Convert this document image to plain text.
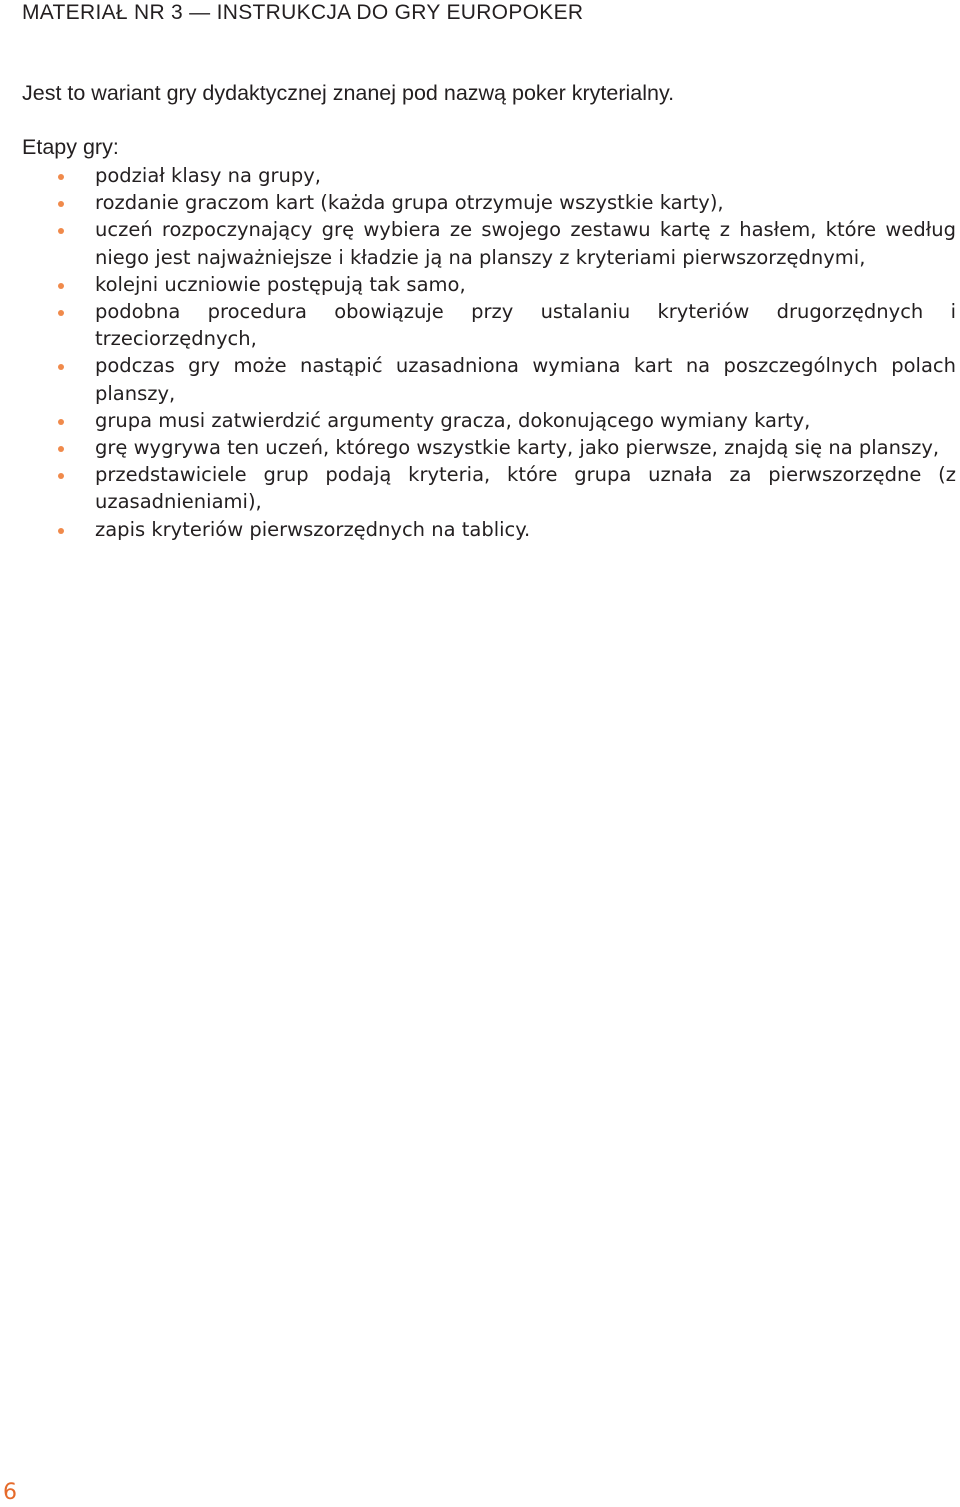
MATERIAŁ NR 3 — INSTRUKCJA DO GRY EUROPOKER
Jest to wariant gry dydaktycznej znanej pod nazwą poker kryterialny.
Etapy gry:
podział klasy na grupy,
rozdanie graczom kart (każda grupa otrzymuje wszystkie karty),
uczeń rozpoczynający grę wybiera ze swojego zestawu kartę z hasłem, które według niego jest najważniejsze i kładzie ją na planszy z kryteriami pierwszorzędnymi,
kolejni uczniowie postępują tak samo,
podobna procedura obowiązuje przy ustalaniu kryteriów drugorzędnych i trzeciorzędnych,
podczas gry może nastąpić uzasadniona wymiana kart na poszczególnych polach planszy,
grupa musi zatwierdzić argumenty gracza, dokonującego wymiany karty,
grę wygrywa ten uczeń, którego wszystkie karty, jako pierwsze, znajdą się na planszy,
przedstawiciele grup podają kryteria, które grupa uznała za pierwszorzędne (z uzasadnieniami),
zapis kryteriów pierwszorzędnych na tablicy.
6
